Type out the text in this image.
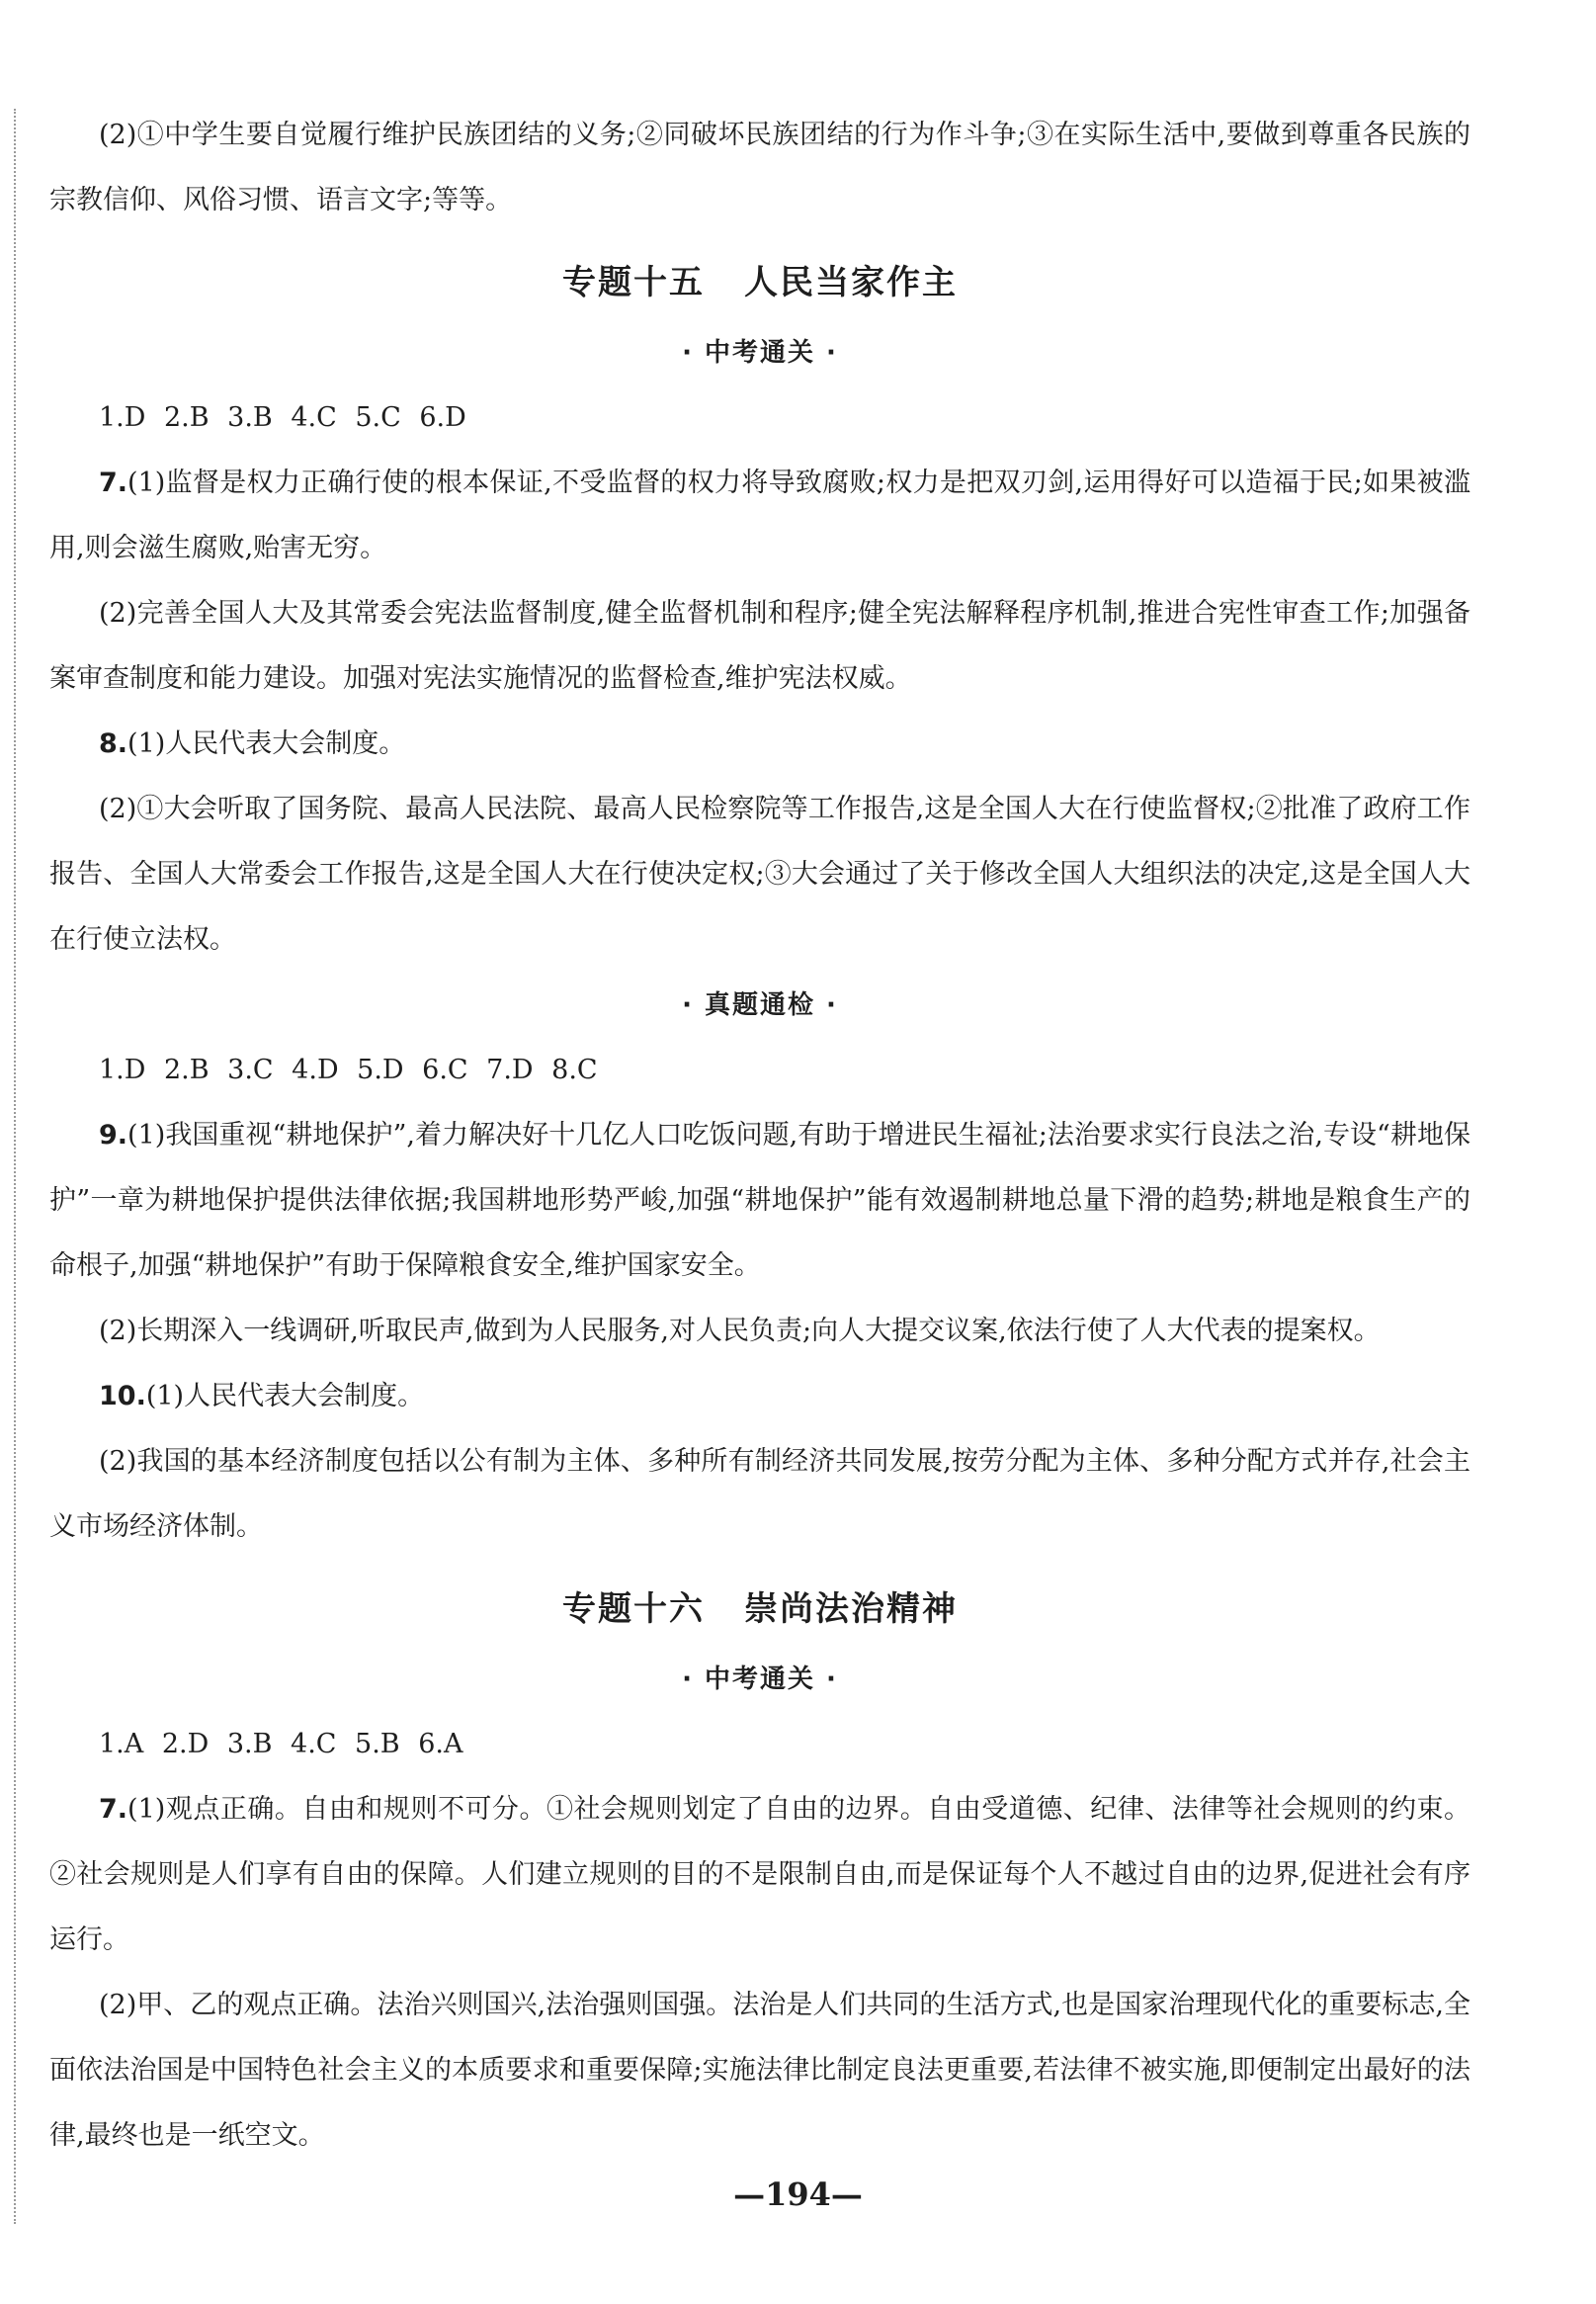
(2)①中学生要自觉履行维护民族团结的义务;②同破坏民族团结的行为作斗争;③在实际生活中,要做到尊重各民族的宗教信仰、风俗习惯、语言文字;等等。

专题十五 人民当家作主
· 中考通关 ·

1.D 2.B 3.B 4.C 5.C 6.D

7.(1)监督是权力正确行使的根本保证,不受监督的权力将导致腐败;权力是把双刃剑,运用得好可以造福于民;如果被滥用,则会滋生腐败,贻害无穷。

(2)完善全国人大及其常委会宪法监督制度,健全监督机制和程序;健全宪法解释程序机制,推进合宪性审查工作;加强备案审查制度和能力建设。加强对宪法实施情况的监督检查,维护宪法权威。

8.(1)人民代表大会制度。

(2)①大会听取了国务院、最高人民法院、最高人民检察院等工作报告,这是全国人大在行使监督权;②批准了政府工作报告、全国人大常委会工作报告,这是全国人大在行使决定权;③大会通过了关于修改全国人大组织法的决定,这是全国人大在行使立法权。

· 真题通检 ·

1.D 2.B 3.C 4.D 5.D 6.C 7.D 8.C

9.(1)我国重视“耕地保护”,着力解决好十几亿人口吃饭问题,有助于增进民生福祉;法治要求实行良法之治,专设“耕地保护”一章为耕地保护提供法律依据;我国耕地形势严峻,加强“耕地保护”能有效遏制耕地总量下滑的趋势;耕地是粮食生产的命根子,加强“耕地保护”有助于保障粮食安全,维护国家安全。

(2)长期深入一线调研,听取民声,做到为人民服务,对人民负责;向人大提交议案,依法行使了人大代表的提案权。

10.(1)人民代表大会制度。

(2)我国的基本经济制度包括以公有制为主体、多种所有制经济共同发展,按劳分配为主体、多种分配方式并存,社会主义市场经济体制。

专题十六 崇尚法治精神
· 中考通关 ·

1.A 2.D 3.B 4.C 5.B 6.A

7.(1)观点正确。自由和规则不可分。①社会规则划定了自由的边界。自由受道德、纪律、法律等社会规则的约束。②社会规则是人们享有自由的保障。人们建立规则的目的不是限制自由,而是保证每个人不越过自由的边界,促进社会有序运行。

(2)甲、乙的观点正确。法治兴则国兴,法治强则国强。法治是人们共同的生活方式,也是国家治理现代化的重要标志,全面依法治国是中国特色社会主义的本质要求和重要保障;实施法律比制定良法更重要,若法律不被实施,即便制定出最好的法律,最终也是一纸空文。

—194—
